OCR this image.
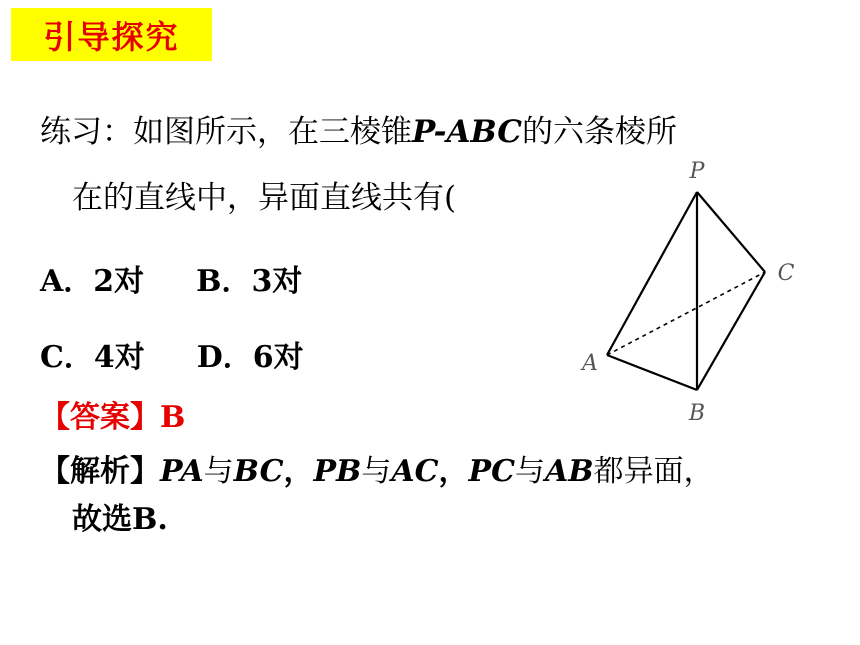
引导探究
练习：如图所示，在三棱锥P-ABC的六条棱所
在的直线中，异面直线共有(
A．2对 B．3对
C．4对 D．6对
【答案】B
【解析】PA与BC，PB与AC，PC与AB都异面，
故选B.
P
A
B
C
